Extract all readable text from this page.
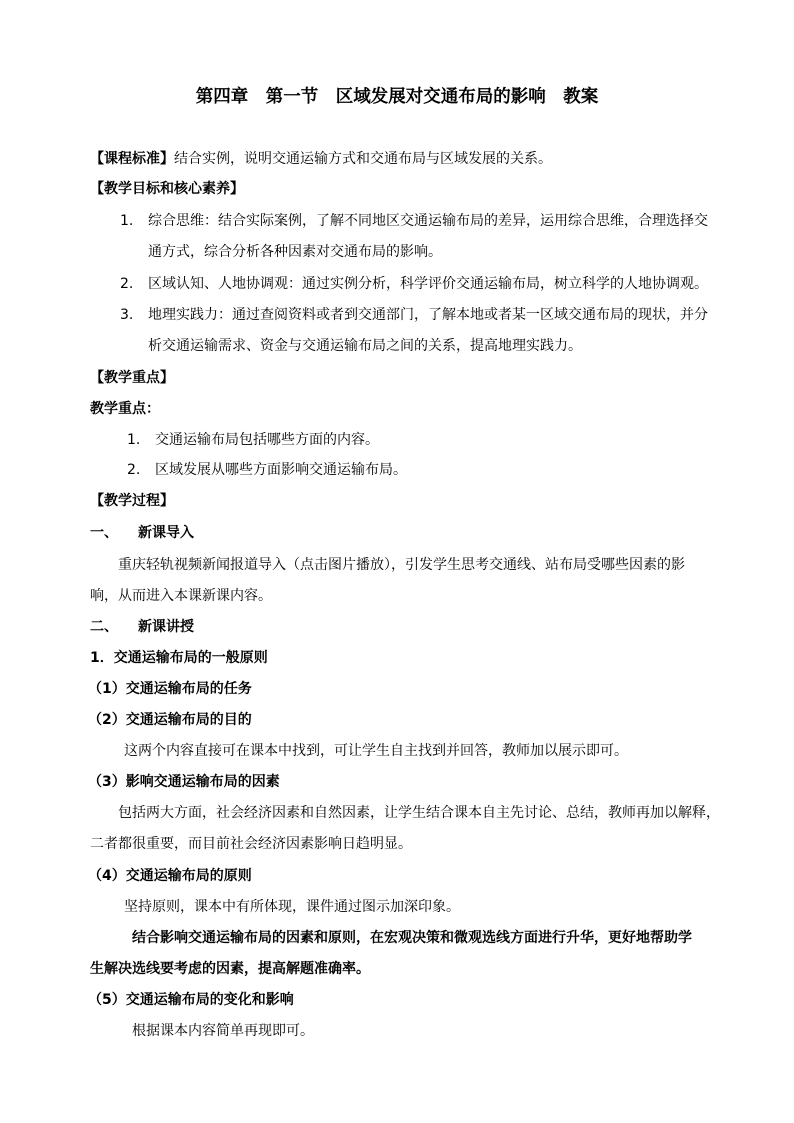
第四章　第一节　区域发展对交通布局的影响　教案
【课程标准】结合实例，说明交通运输方式和交通布局与区域发展的关系。
【教学目标和核心素养】
1. 综合思维：结合实际案例，了解不同地区交通运输布局的差异，运用综合思维，合理选择交
通方式，综合分析各种因素对交通布局的影响。
2. 区域认知、人地协调观：通过实例分析，科学评价交通运输布局，树立科学的人地协调观。
3. 地理实践力：通过查阅资料或者到交通部门，了解本地或者某一区域交通布局的现状，并分
析交通运输需求、资金与交通运输布局之间的关系，提高地理实践力。
【教学重点】
教学重点：
1. 交通运输布局包括哪些方面的内容。
2. 区域发展从哪些方面影响交通运输布局。
【教学过程】
一、 新课导入
重庆轻轨视频新闻报道导入（点击图片播放），引发学生思考交通线、站布局受哪些因素的影
响，从而进入本课新课内容。
二、 新课讲授
1．交通运输布局的一般原则
（1）交通运输布局的任务
（2）交通运输布局的目的
这两个内容直接可在课本中找到，可让学生自主找到并回答，教师加以展示即可。
（3）影响交通运输布局的因素
包括两大方面，社会经济因素和自然因素，让学生结合课本自主先讨论、总结，教师再加以解释，
二者都很重要，而目前社会经济因素影响日趋明显。
（4）交通运输布局的原则
坚持原则，课本中有所体现，课件通过图示加深印象。
结合影响交通运输布局的因素和原则，在宏观决策和微观选线方面进行升华，更好地帮助学
生解决选线要考虑的因素，提高解题准确率。
（5）交通运输布局的变化和影响
根据课本内容简单再现即可。
